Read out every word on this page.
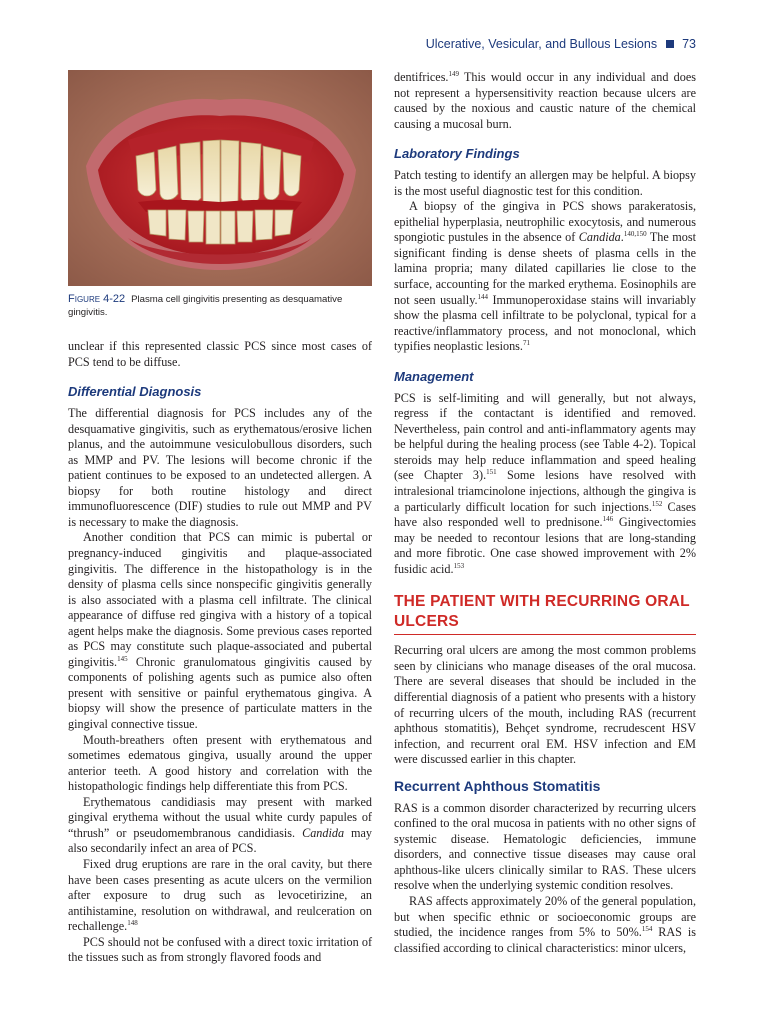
Ulcerative, Vesicular, and Bullous Lesions 73
Figure 4-22 Plasma cell gingivitis presenting as desquamative gingivitis.

unclear if this represented classic PCS since most cases of PCS tend to be diffuse.

Differential Diagnosis

The differential diagnosis for PCS includes any of the desquamative gingivitis, such as erythematous/erosive lichen planus, and the autoimmune vesiculobullous disorders, such as MMP and PV. The lesions will become chronic if the patient continues to be exposed to an undetected allergen. A biopsy for both routine histology and direct immunofluorescence (DIF) studies to rule out MMP and PV is necessary to make the diagnosis.

Another condition that PCS can mimic is pubertal or pregnancy-induced gingivitis and plaque-associated gingivitis. The difference in the histopathology is in the density of plasma cells since nonspecific gingivitis generally is also associated with a plasma cell infiltrate. The clinical appearance of diffuse red gingiva with a history of a topical agent helps make the diagnosis. Some previous cases reported as PCS may constitute such plaque-associated and pubertal gingivitis.$^{145}$ Chronic granulomatous gingivitis caused by components of polishing agents such as pumice also often present with sensitive or painful erythematous gingiva. A biopsy will show the presence of particulate matters in the gingival connective tissue.

Mouth-breathers often present with erythematous and sometimes edematous gingiva, usually around the upper anterior teeth. A good history and correlation with the histopathologic findings help differentiate this from PCS.

Erythematous candidiasis may present with marked gingival erythema without the usual white curdy papules of “thrush” or pseudomembranous candidiasis. Candida may also secondarily infect an area of PCS.

Fixed drug eruptions are rare in the oral cavity, but there have been cases presenting as acute ulcers on the vermilion after exposure to drug such as levocetirizine, an antihistamine, resolution on withdrawal, and reulceration on rechallenge.$^{148}$

PCS should not be confused with a direct toxic irritation of the tissues such as from strongly flavored foods and

dentifrices.$^{149}$ This would occur in any individual and does not represent a hypersensitivity reaction because ulcers are caused by the noxious and caustic nature of the chemical causing a mucosal burn.

Laboratory Findings

Patch testing to identify an allergen may be helpful. A biopsy is the most useful diagnostic test for this condition.

A biopsy of the gingiva in PCS shows parakeratosis, epithelial hyperplasia, neutrophilic exocytosis, and numerous spongiotic pustules in the absence of Candida.$^{140,150}$ The most significant finding is dense sheets of plasma cells in the lamina propria; many dilated capillaries lie close to the surface, accounting for the marked erythema. Eosinophils are not seen usually.$^{144}$ Immunoperoxidase stains will invariably show the plasma cell infiltrate to be polyclonal, typical for a reactive/inflammatory process, and not monoclonal, which typifies neoplastic lesions.$^{71}$

Management

PCS is self-limiting and will generally, but not always, regress if the contactant is identified and removed. Nevertheless, pain control and anti-inflammatory agents may be helpful during the healing process (see Table 4-2). Topical steroids may help reduce inflammation and speed healing (see Chapter 3).$^{151}$ Some lesions have resolved with intralesional triamcinolone injections, although the gingiva is a particularly difficult location for such injections.$^{152}$ Cases have also responded well to prednisone.$^{146}$ Gingivectomies may be needed to recontour lesions that are long-standing and more fibrotic. One case showed improvement with 2% fusidic acid.$^{153}$

THE PATIENT WITH RECURRING ORAL ULCERS

Recurring oral ulcers are among the most common problems seen by clinicians who manage diseases of the oral mucosa. There are several diseases that should be included in the differential diagnosis of a patient who presents with a history of recurring ulcers of the mouth, including RAS (recurrent aphthous stomatitis), Behçet syndrome, recrudescent HSV infection, and recurrent oral EM. HSV infection and EM were discussed earlier in this chapter.

Recurrent Aphthous Stomatitis

RAS is a common disorder characterized by recurring ulcers confined to the oral mucosa in patients with no other signs of systemic disease. Hematologic deficiencies, immune disorders, and connective tissue diseases may cause oral aphthous-like ulcers clinically similar to RAS. These ulcers resolve when the underlying systemic condition resolves.

RAS affects approximately 20% of the general population, but when specific ethnic or socioeconomic groups are studied, the incidence ranges from 5% to 50%.$^{154}$ RAS is classified according to clinical characteristics: minor ulcers,
